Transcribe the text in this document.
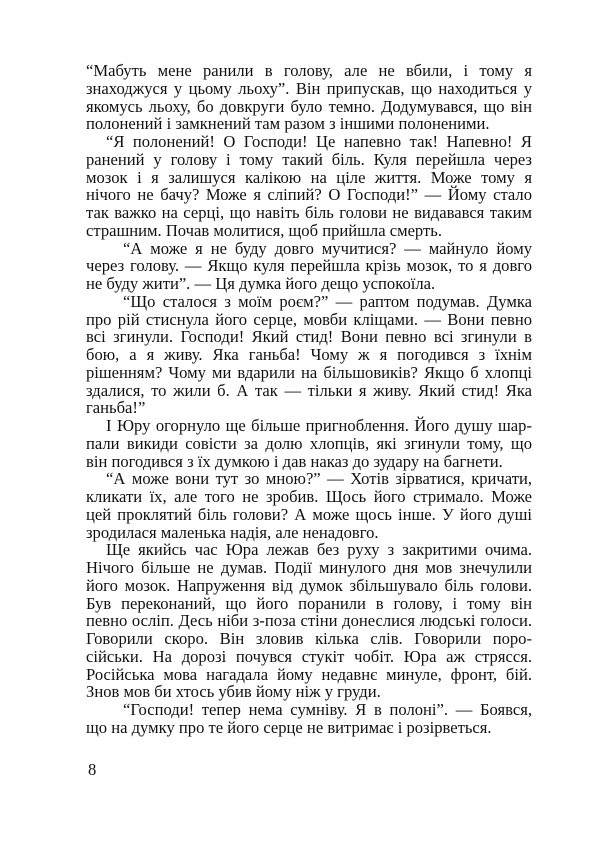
“Мабуть мене ранили в голову, але не вбили, і тому я
знаходжуся у цьому льоху”. Він припускав, що находиться у
якомусь льоху, бо довкруги було темно. Додумувався, що він
полонений і замкнений там разом з іншими полоненими.
“Я полонений! О Господи! Це напевно так! Напевно! Я
ранений у голову і тому такий біль. Куля перейшла через
мозок і я залишуся калікою на ціле життя. Може тому я
нічого не бачу? Може я сліпий? О Господи!” — Йому стало
так важко на серці, що навіть біль голови не видавався таким
страшним. Почав молитися, щоб прийшла смерть.
“А може я не буду довго мучитися? — майнуло йому
через голову. — Якщо куля перейшла крізь мозок, то я довго
не буду жити”. — Ця думка його дещо успокоїла.
“Що сталося з моїм роєм?” — раптом подумав. Думка
про рій стиснула його серце, мовби кліщами. — Вони певно
всі згинули. Господи! Який стид! Вони певно всі згинули в
бою, а я живу. Яка ганьба! Чому ж я погодився з їхнім
рішенням? Чому ми вдарили на більшовиків? Якщо б хлопці
здалися, то жили б. А так — тільки я живу. Який стид! Яка
ганьба!”
І Юру огорнуло ще більше пригноблення. Його душу шар-
пали викиди совісти за долю хлопців, які згинули тому, що
він погодився з їх думкою і дав наказ до зудару на багнети.
“А може вони тут зо мною?” — Хотів зірватися, кричати,
кликати їх, але того не зробив. Щось його стримало. Може
цей проклятий біль голови? А може щось інше. У його душі
зродилася маленька надія, але ненадовго.
Ще якийсь час Юра лежав без руху з закритими очима.
Нічого більше не думав. Події минулого дня мов знечулили
його мозок. Напруження від думок збільшувало біль голови.
Був переконаний, що його поранили в голову, і тому він
певно осліп. Десь ніби з-поза стіни донеслися людські голоси.
Говорили скоро. Він зловив кілька слів. Говорили поро-
сійськи. На дорозі почувся стукіт чобіт. Юра аж стрясся.
Російська мова нагадала йому недавнє минуле, фронт, бій.
Знов мов би хтось убив йому ніж у груди.
“Господи! тепер нема сумніву. Я в полоні”. — Боявся,
що на думку про те його серце не витримає і розірветься.
8
